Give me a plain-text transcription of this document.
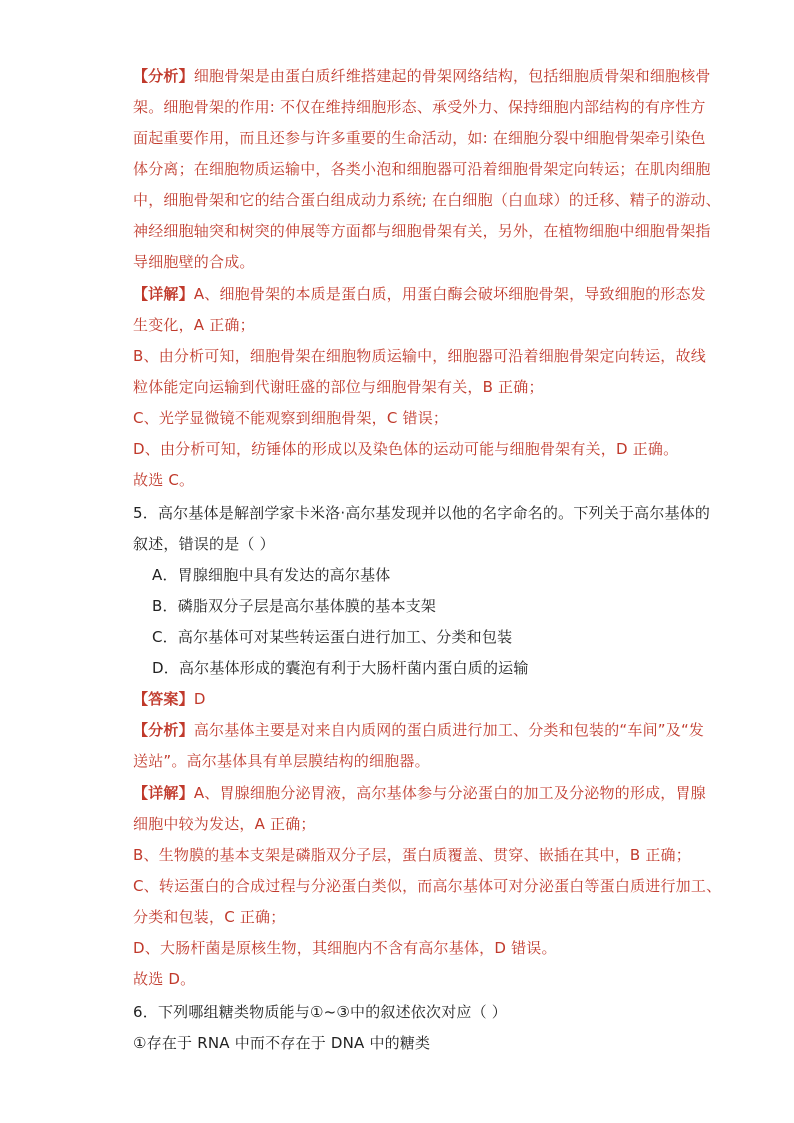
【分析】细胞骨架是由蛋白质纤维搭建起的骨架网络结构，包括细胞质骨架和细胞核骨
架。细胞骨架的作用: 不仅在维持细胞形态、承受外力、保持细胞内部结构的有序性方
面起重要作用，而且还参与许多重要的生命活动，如: 在细胞分裂中细胞骨架牵引染色
体分离；在细胞物质运输中，各类小泡和细胞器可沿着细胞骨架定向转运；在肌肉细胞
中，细胞骨架和它的结合蛋白组成动力系统; 在白细胞（白血球）的迁移、精子的游动、
神经细胞轴突和树突的伸展等方面都与细胞骨架有关，另外，在植物细胞中细胞骨架指
导细胞壁的合成。
【详解】A、细胞骨架的本质是蛋白质，用蛋白酶会破坏细胞骨架，导致细胞的形态发
生变化，A 正确；
B、由分析可知，细胞骨架在细胞物质运输中，细胞器可沿着细胞骨架定向转运，故线
粒体能定向运输到代谢旺盛的部位与细胞骨架有关，B 正确；
C、光学显微镜不能观察到细胞骨架，C 错误；
D、由分析可知，纺锤体的形成以及染色体的运动可能与细胞骨架有关，D 正确。
故选 C。
5．高尔基体是解剖学家卡米洛·高尔基发现并以他的名字命名的。下列关于高尔基体的
叙述，错误的是（ ）
A．胃腺细胞中具有发达的高尔基体
B．磷脂双分子层是高尔基体膜的基本支架
C．高尔基体可对某些转运蛋白进行加工、分类和包装
D．高尔基体形成的囊泡有利于大肠杆菌内蛋白质的运输
【答案】D
【分析】高尔基体主要是对来自内质网的蛋白质进行加工、分类和包装的“车间”及“发
送站”。高尔基体具有单层膜结构的细胞器。
【详解】A、胃腺细胞分泌胃液，高尔基体参与分泌蛋白的加工及分泌物的形成，胃腺
细胞中较为发达，A 正确；
B、生物膜的基本支架是磷脂双分子层，蛋白质覆盖、贯穿、嵌插在其中，B 正确；
C、转运蛋白的合成过程与分泌蛋白类似，而高尔基体可对分泌蛋白等蛋白质进行加工、
分类和包装，C 正确；
D、大肠杆菌是原核生物，其细胞内不含有高尔基体，D 错误。
故选 D。
6．下列哪组糖类物质能与①~③中的叙述依次对应（ ）
①存在于 RNA 中而不存在于 DNA 中的糖类
